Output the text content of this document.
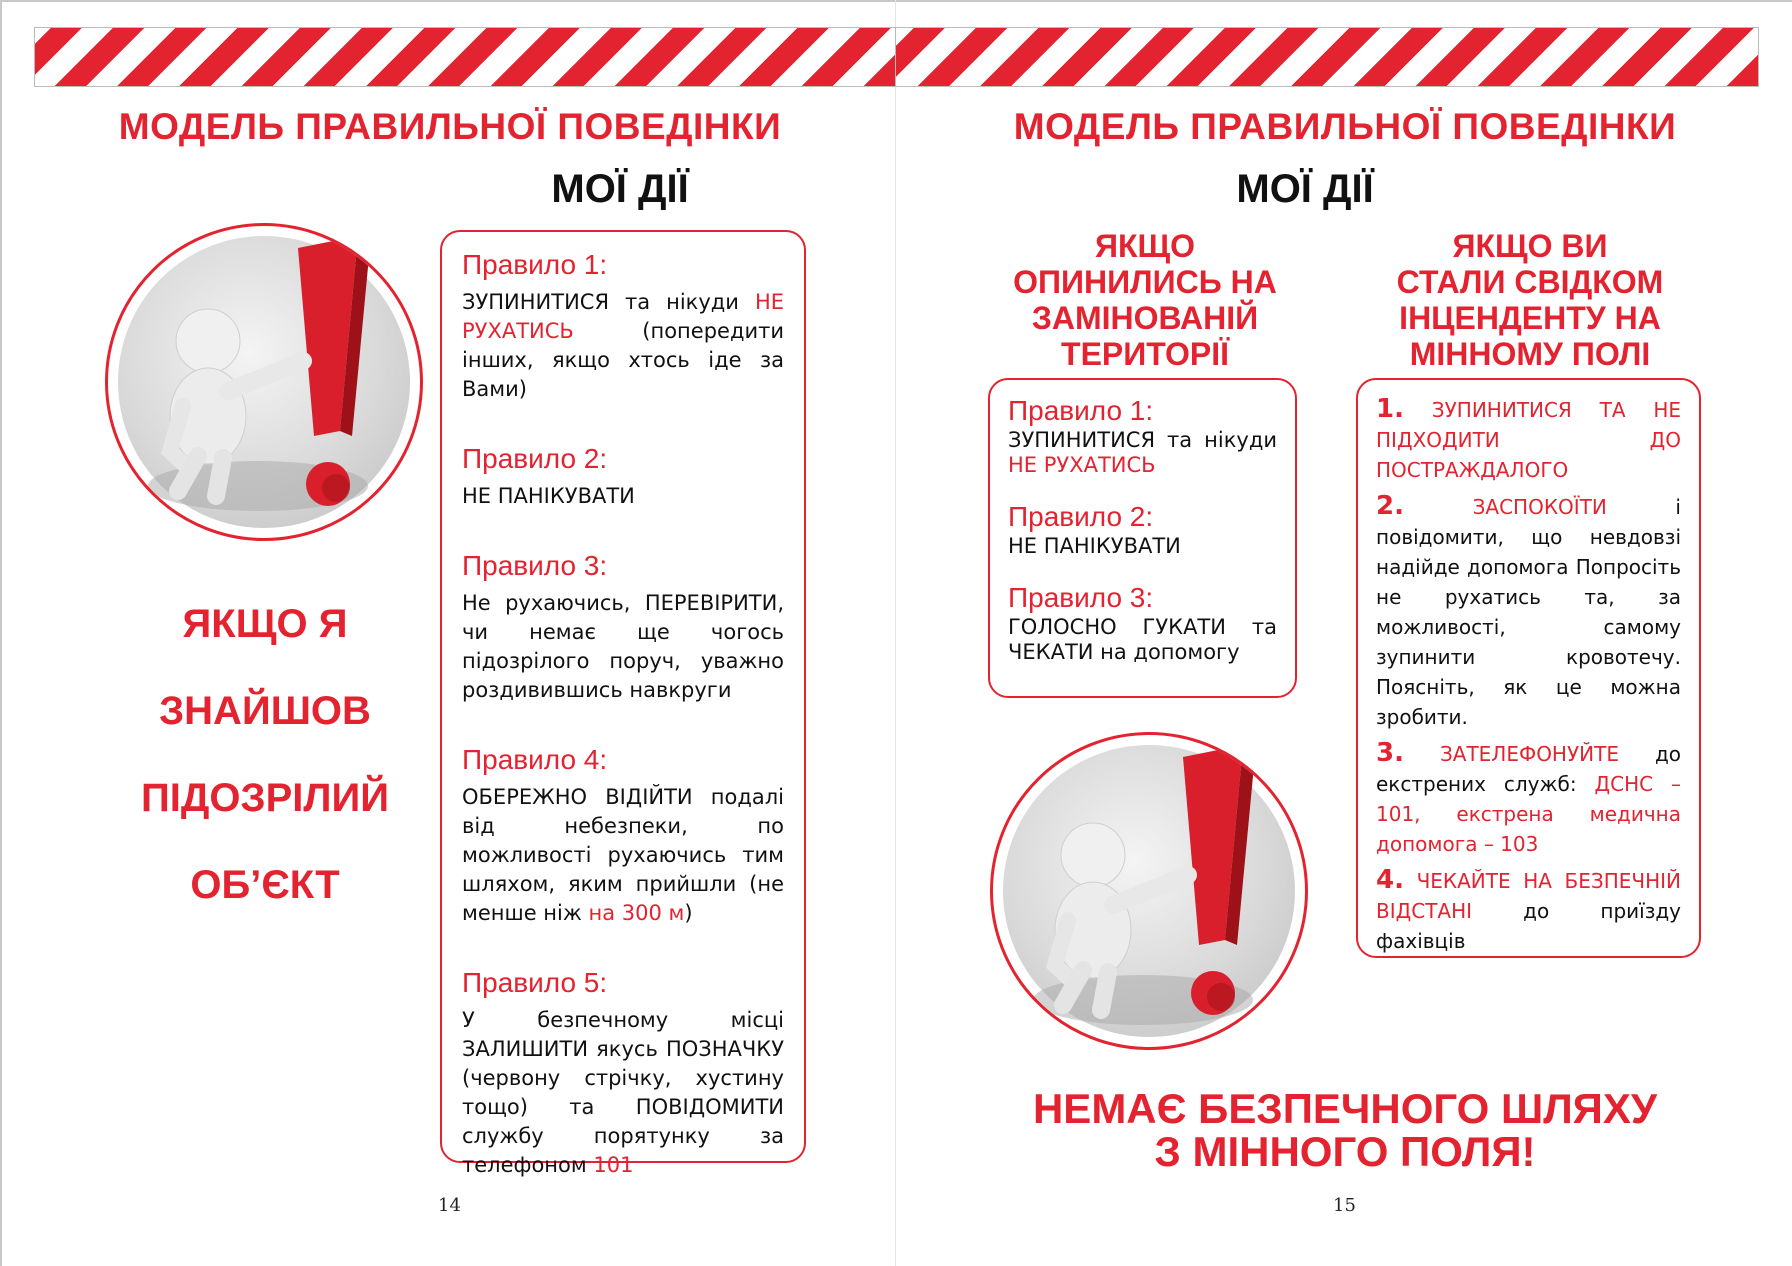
МОДЕЛЬ ПРАВИЛЬНОЇ ПОВЕДІНКИ
МОЇ ДІЇ
ЯКЩО Я
ЗНАЙШОВ
ПІДОЗРІЛИЙ
ОБ’ЄКТ
Правило 1:
ЗУПИНИТИСЯ та нікуди НЕ РУХАТИСЬ (попередити інших, якщо хтось іде за Вами)
Правило 2:
НЕ ПАНІКУВАТИ
Правило 3:
Не рухаючись, ПЕРЕВІРИТИ, чи немає ще чогось підозрілого поруч, уважно роздивившись навкруги
Правило 4:
ОБЕРЕЖНО ВІДІЙТИ подалі від небезпеки, по можливості рухаючись тим шляхом, яким прийшли (не менше ніж на 300 м)
Правило 5:
У безпечному місці ЗАЛИШИТИ якусь ПОЗНАЧКУ (червону стрічку, хустину тощо) та ПОВІДОМИТИ службу порятунку за телефоном 101
14
МОДЕЛЬ ПРАВИЛЬНОЇ ПОВЕДІНКИ
МОЇ ДІЇ
ЯКЩО
ОПИНИЛИСЬ НА
ЗАМІНОВАНІЙ
ТЕРИТОРІЇ
Правило 1:
ЗУПИНИТИСЯ та нікуди НЕ РУХАТИСЬ
Правило 2:
НЕ ПАНІКУВАТИ
Правило 3:
ГОЛОСНО ГУКАТИ та ЧЕКАТИ на допомогу
ЯКЩО ВИ
СТАЛИ СВІДКОМ
ІНЦЕНДЕНТУ НА
МІННОМУ ПОЛІ
1. ЗУПИНИТИСЯ ТА НЕ ПІДХОДИТИ ДО ПОСТРАЖДАЛОГО
2.	ЗАСПОКОЇТИ і повідомити, що невдовзі надійде допомога Попросіть не рухатись та, за можливості, самому зупинити кровотечу. Поясніть, як це можна зробити.
3. ЗАТЕЛЕФОНУЙТЕ до екстрених служб: ДСНС – 101, екстрена медична допомога – 103
4. ЧЕКАЙТЕ НА БЕЗПЕЧНІЙ ВІДСТАНІ до приїзду фахівців
НЕМАЄ БЕЗПЕЧНОГО ШЛЯХУ
З МІННОГО ПОЛЯ!
15
